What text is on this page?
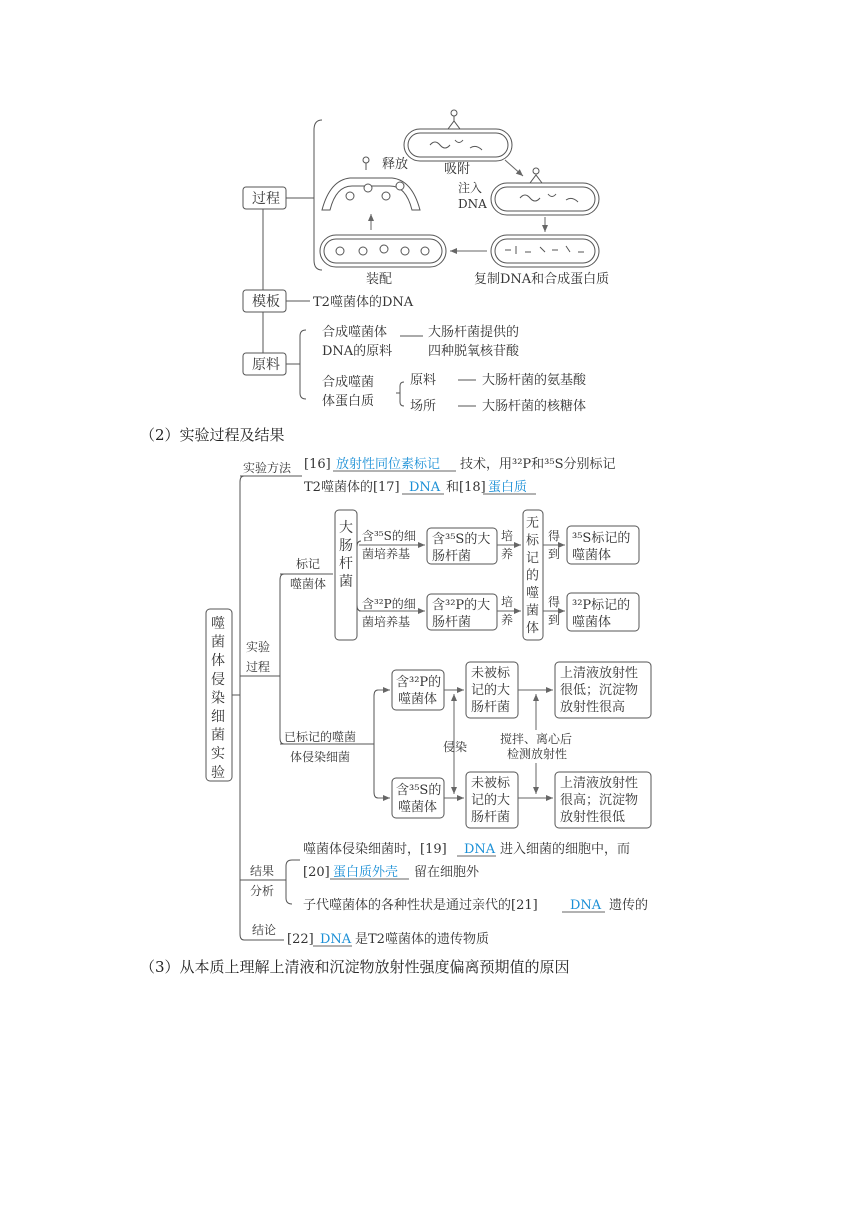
过程
模板	T2噬菌体的DNA
原料
吸附
注入
DNA
复制DNA和合成蛋白质
装配
释放
合成噬菌体
DNA的原料
大肠杆菌提供的
四种脱氧核苷酸
合成噬菌
体蛋白质
原料	大肠杆菌的氨基酸
场所	大肠杆菌的核糖体
噬
菌
体
侵
染
细
菌
实
验
实验方法 [16] 放射性同位素标记 技术，用³²P和³⁵S分别标记
T2噬菌体的[17] DNA 和[18] 蛋白质
实验
过程
标记
噬菌体
大
肠
杆
菌
含³⁵S的细
菌培养基
含³⁵S的大
肠杆菌
培
养
含³²P的细
菌培养基
含³²P的大
肠杆菌
培
养
无
标
记
的
噬
菌
体
得
到
³⁵S标记的
噬菌体
得
到
³²P标记的
噬菌体
已标记的噬菌
体侵染细菌
含³²P的
噬菌体
含³⁵S的
噬菌体
侵染
未被标
记的大
肠杆菌
未被标
记的大
肠杆菌
搅拌、离心后
检测放射性
上清液放射性
很低；沉淀物
放射性很高
上清液放射性
很高；沉淀物
放射性很低
结果
分析
噬菌体侵染细菌时，[19] DNA 进入细菌的细胞中，而
[20] 蛋白质外壳 留在细胞外
子代噬菌体的各种性状是通过亲代的[21] DNA 遗传的
结论
[22] DNA 是T2噬菌体的遗传物质
（2）实验过程及结果
（3）从本质上理解上清液和沉淀物放射性强度偏离预期值的原因
